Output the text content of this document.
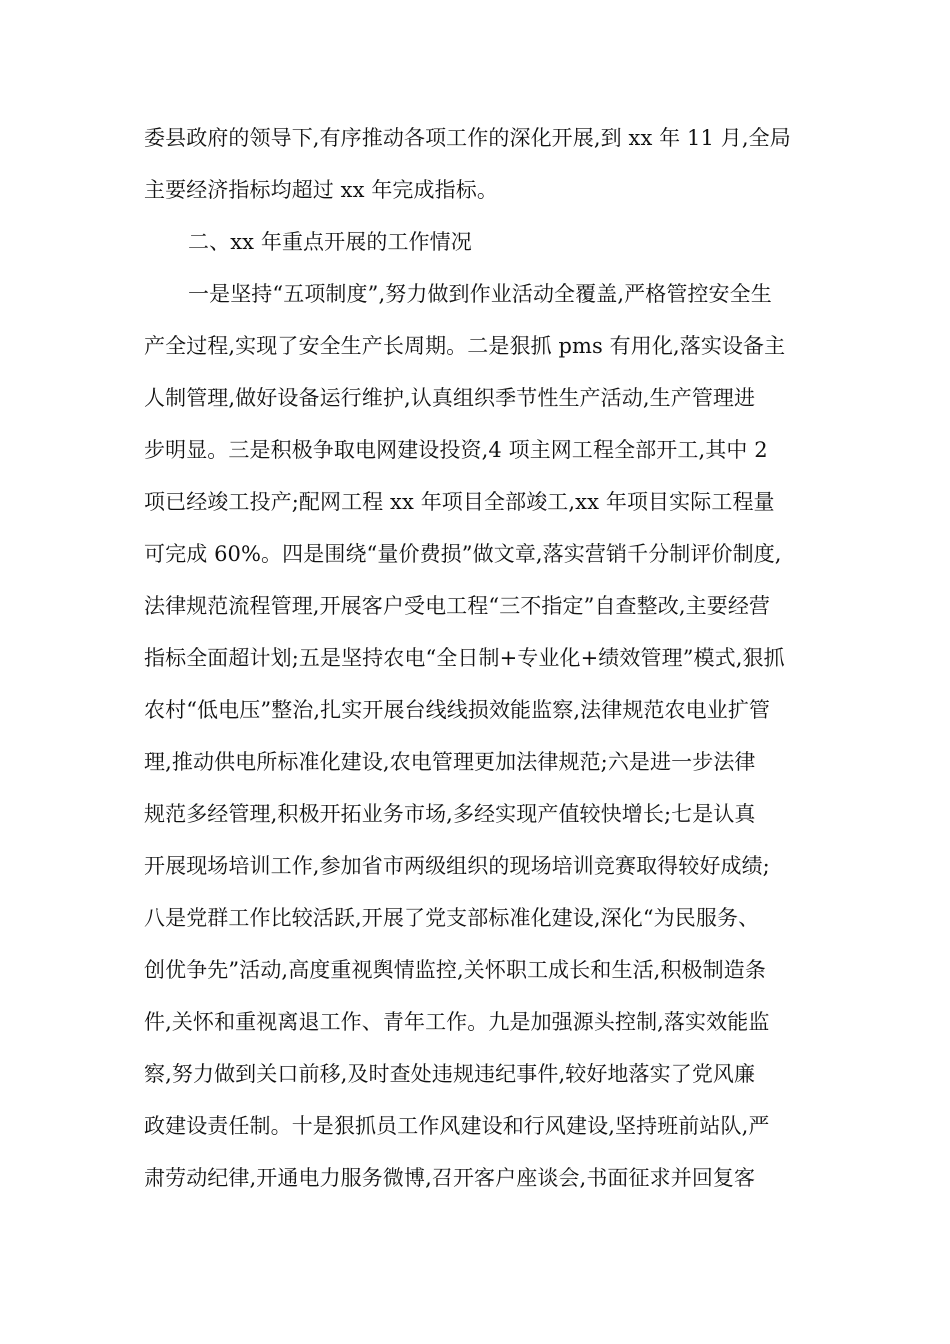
委县政府的领导下,有序推动各项工作的深化开展,到 xx 年 11 月,全局
主要经济指标均超过 xx 年完成指标。
二、xx 年重点开展的工作情况
一是坚持“五项制度”,努力做到作业活动全覆盖,严格管控安全生
产全过程,实现了安全生产长周期。二是狠抓 pms 有用化,落实设备主
人制管理,做好设备运行维护,认真组织季节性生产活动,生产管理进
步明显。三是积极争取电网建设投资,4 项主网工程全部开工,其中 2
项已经竣工投产;配网工程 xx 年项目全部竣工,xx 年项目实际工程量
可完成 60%。四是围绕“量价费损”做文章,落实营销千分制评价制度,
法律规范流程管理,开展客户受电工程“三不指定”自查整改,主要经营
指标全面超计划;五是坚持农电“全日制+专业化+绩效管理”模式,狠抓
农村“低电压”整治,扎实开展台线线损效能监察,法律规范农电业扩管
理,推动供电所标准化建设,农电管理更加法律规范;六是进一步法律
规范多经管理,积极开拓业务市场,多经实现产值较快增长;七是认真
开展现场培训工作,参加省市两级组织的现场培训竞赛取得较好成绩;
八是党群工作比较活跃,开展了党支部标准化建设,深化“为民服务、
创优争先”活动,高度重视舆情监控,关怀职工成长和生活,积极制造条
件,关怀和重视离退工作、青年工作。九是加强源头控制,落实效能监
察,努力做到关口前移,及时查处违规违纪事件,较好地落实了党风廉
政建设责任制。十是狠抓员工作风建设和行风建设,坚持班前站队,严
肃劳动纪律,开通电力服务微博,召开客户座谈会,书面征求并回复客
